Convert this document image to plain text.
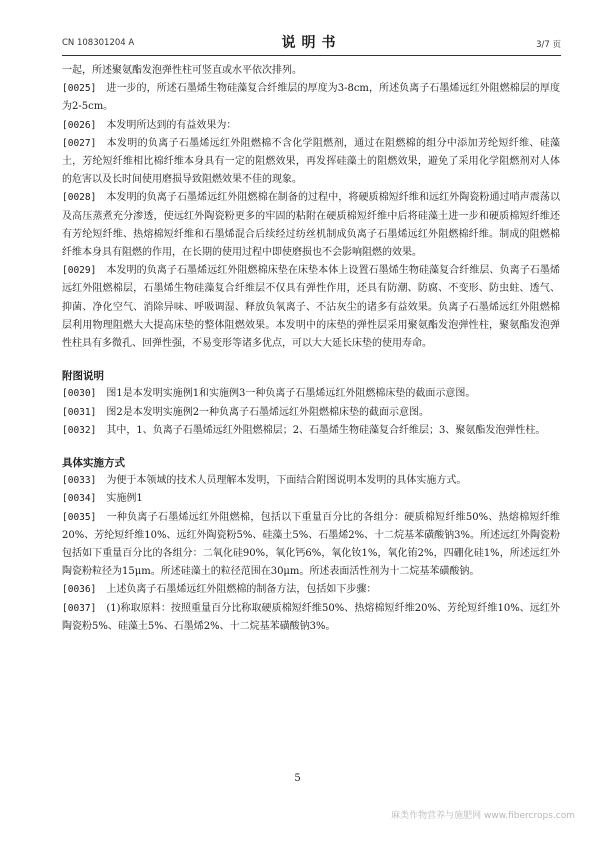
CN 108301204 A	说明书	3/7 页

一起，所述聚氨酯发泡弹性柱可竖直或水平依次排列。

[0025] 进一步的，所述石墨烯生物硅藻复合纤维层的厚度为3-8cm，所述负离子石墨烯远红外阻燃棉层的厚度为2-5cm。

[0026] 本发明所达到的有益效果为：

[0027] 本发明的负离子石墨烯远红外阻燃棉不含化学阻燃剂，通过在阻燃棉的组分中添加芳纶短纤维、硅藻土，芳纶短纤维相比棉纤维本身具有一定的阻燃效果，再发挥硅藻土的阻燃效果，避免了采用化学阻燃剂对人体的危害以及长时间使用磨损导致阻燃效果不佳的现象。

[0028] 本发明的负离子石墨烯远红外阻燃棉在制备的过程中，将硬质棉短纤维和远红外陶瓷粉通过哨声震荡以及高压蒸煮充分渗透，使远红外陶瓷粉更多的牢固的粘附在硬质棉短纤维中后将硅藻土进一步和硬质棉短纤维还有芳纶短纤维、热熔棉短纤维和石墨烯混合后续经过纺丝机制成负离子石墨烯远红外阻燃棉纤维。制成的阻燃棉纤维本身具有阻燃的作用，在长期的使用过程中即使磨损也不会影响阻燃的效果。

[0029] 本发明的负离子石墨烯远红外阻燃棉床垫在床垫本体上设置石墨烯生物硅藻复合纤维层、负离子石墨烯远红外阻燃棉层，石墨烯生物硅藻复合纤维层不仅具有弹性作用，还具有防潮、防腐、不变形、防虫蛀、透气、抑菌、净化空气、消除异味、呼吸调湿、释放负氧离子、不沾灰尘的诸多有益效果。负离子石墨烯远红外阻燃棉层利用物理阻燃大大提高床垫的整体阻燃效果。本发明中的床垫的弹性层采用聚氨酯发泡弹性柱，聚氨酯发泡弹性柱具有多微孔、回弹性强，不易变形等诸多优点，可以大大延长床垫的使用寿命。

附图说明

[0030] 图1是本发明实施例1和实施例3一种负离子石墨烯远红外阻燃棉床垫的截面示意图。

[0031] 图2是本发明实施例2一种负离子石墨烯远红外阻燃棉床垫的截面示意图。

[0032] 其中，1、负离子石墨烯远红外阻燃棉层；2、石墨烯生物硅藻复合纤维层；3、聚氨酯发泡弹性柱。

具体实施方式

[0033] 为便于本领域的技术人员理解本发明，下面结合附图说明本发明的具体实施方式。

[0034] 实施例1

[0035] 一种负离子石墨烯远红外阻燃棉，包括以下重量百分比的各组分：硬质棉短纤维50%、热熔棉短纤维20%、芳纶短纤维10%、远红外陶瓷粉5%、硅藻土5%、石墨烯2%、十二烷基苯磺酸钠3%。所述远红外陶瓷粉包括如下重量百分比的各组分：二氧化硅90%，氧化钙6%，氧化钕1%，氧化铕2%，四硼化硅1%，所述远红外陶瓷粉粒径为15μm。所述硅藻土的粒径范围在30μm。所述表面活性剂为十二烷基苯磺酸钠。

[0036] 上述负离子石墨烯远红外阻燃棉的制备方法，包括如下步骤：

[0037] (1)称取原料：按照重量百分比称取硬质棉短纤维50%、热熔棉短纤维20%、芳纶短纤维10%、远红外陶瓷粉5%、硅藻土5%、石墨烯2%、十二烷基苯磺酸钠3%。

5
麻类作物营养与施肥网 www.fibercrops.com
